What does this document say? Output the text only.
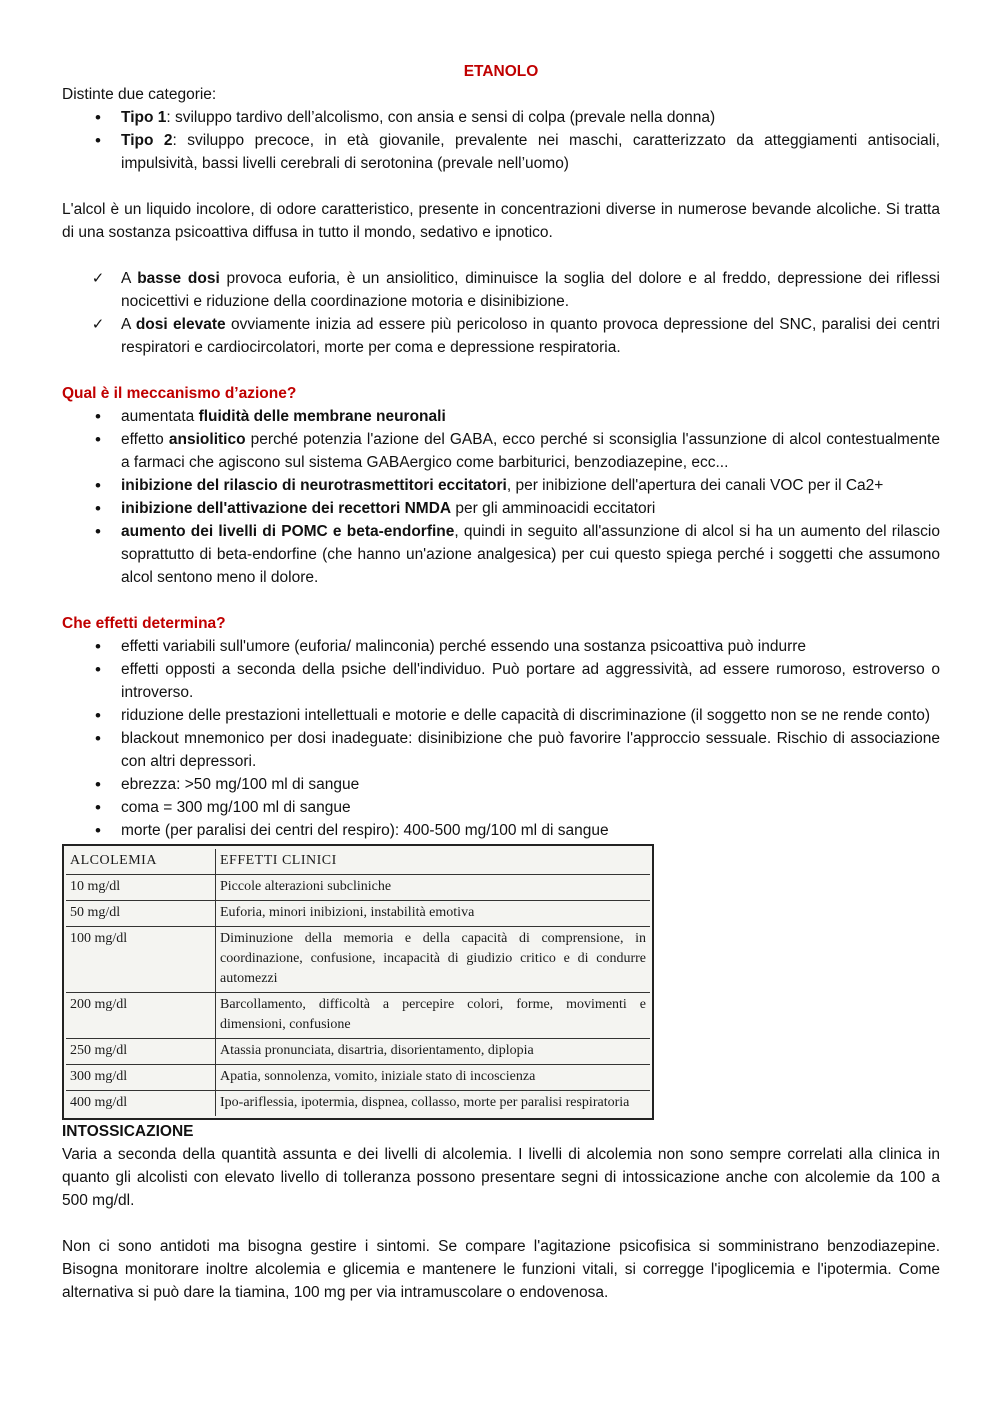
ETANOLO

Distinte due categorie:

•
Tipo 1: sviluppo tardivo dell’alcolismo, con ansia e sensi di colpa (prevale nella donna)
•
Tipo 2: sviluppo precoce, in età giovanile, prevalente nei maschi, caratterizzato da atteggiamenti antisociali, impulsività, bassi livelli cerebrali di serotonina (prevale nell’uomo)

L'alcol è un liquido incolore, di odore caratteristico, presente in concentrazioni diverse in numerose bevande alcoliche. Si tratta di una sostanza psicoattiva diffusa in tutto il mondo, sedativo e ipnotico.

✓
A basse dosi provoca euforia, è un ansiolitico, diminuisce la soglia del dolore e al freddo, depressione dei riflessi nocicettivi e riduzione della coordinazione motoria e disinibizione.
✓
A dosi elevate ovviamente inizia ad essere più pericoloso in quanto provoca depressione del SNC, paralisi dei centri respiratori e cardiocircolatori, morte per coma e depressione respiratoria.

Qual è il meccanismo d’azione?

•
aumentata fluidità delle membrane neuronali
•
effetto ansiolitico perché potenzia l'azione del GABA, ecco perché si sconsiglia l'assunzione di alcol contestualmente a farmaci che agiscono sul sistema GABAergico come barbiturici, benzodiazepine, ecc...
•
inibizione del rilascio di neurotrasmettitori eccitatori, per inibizione dell'apertura dei canali VOC per il Ca2+
•
inibizione dell'attivazione dei recettori NMDA per gli amminoacidi eccitatori
•
aumento dei livelli di POMC e beta-endorfine, quindi in seguito all'assunzione di alcol si ha un aumento del rilascio soprattutto di beta-endorfine (che hanno un'azione analgesica) per cui questo spiega perché i soggetti che assumono alcol sentono meno il dolore.

Che effetti determina?

•
effetti variabili sull'umore (euforia/ malinconia) perché essendo una sostanza psicoattiva può indurre
•
effetti opposti a seconda della psiche dell'individuo. Può portare ad aggressività, ad essere rumoroso, estroverso o introverso.
•
riduzione delle prestazioni intellettuali e motorie e delle capacità di discriminazione (il soggetto non se ne rende conto)
•
blackout mnemonico per dosi inadeguate: disinibizione che può favorire l'approccio sessuale. Rischio di associazione con altri depressori.
•
ebrezza: >50 mg/100 ml di sangue
•
coma = 300 mg/100 ml di sangue
•
morte (per paralisi dei centri del respiro): 400-500 mg/100 ml di sangue
ALCOLEMIA	EFFETTI CLINICI
10 mg/dl	Piccole alterazioni subcliniche
50 mg/dl	Euforia, minori inibizioni, instabilità emotiva
100 mg/dl	Diminuzione della memoria e della capacità di comprensione, in coordinazione, confusione, incapacità di giudizio critico e di condurre automezzi
200 mg/dl	Barcollamento, difficoltà a percepire colori, forme, movimenti e dimensioni, confusione
250 mg/dl	Atassia pronunciata, disartria, disorientamento, diplopia
300 mg/dl	Apatia, sonnolenza, vomito, iniziale stato di incoscienza
400 mg/dl	Ipo-ariflessia, ipotermia, dispnea, collasso, morte per paralisi respiratoria

INTOSSICAZIONE

Varia a seconda della quantità assunta e dei livelli di alcolemia. I livelli di alcolemia non sono sempre correlati alla clinica in quanto gli alcolisti con elevato livello di tolleranza possono presentare segni di intossicazione anche con alcolemie da 100 a 500 mg/dl.

Non ci sono antidoti ma bisogna gestire i sintomi. Se compare l'agitazione psicofisica si somministrano benzodiazepine. Bisogna monitorare inoltre alcolemia e glicemia e mantenere le funzioni vitali, si corregge l'ipoglicemia e l'ipotermia. Come alternativa si può dare la tiamina, 100 mg per via intramuscolare o endovenosa.
